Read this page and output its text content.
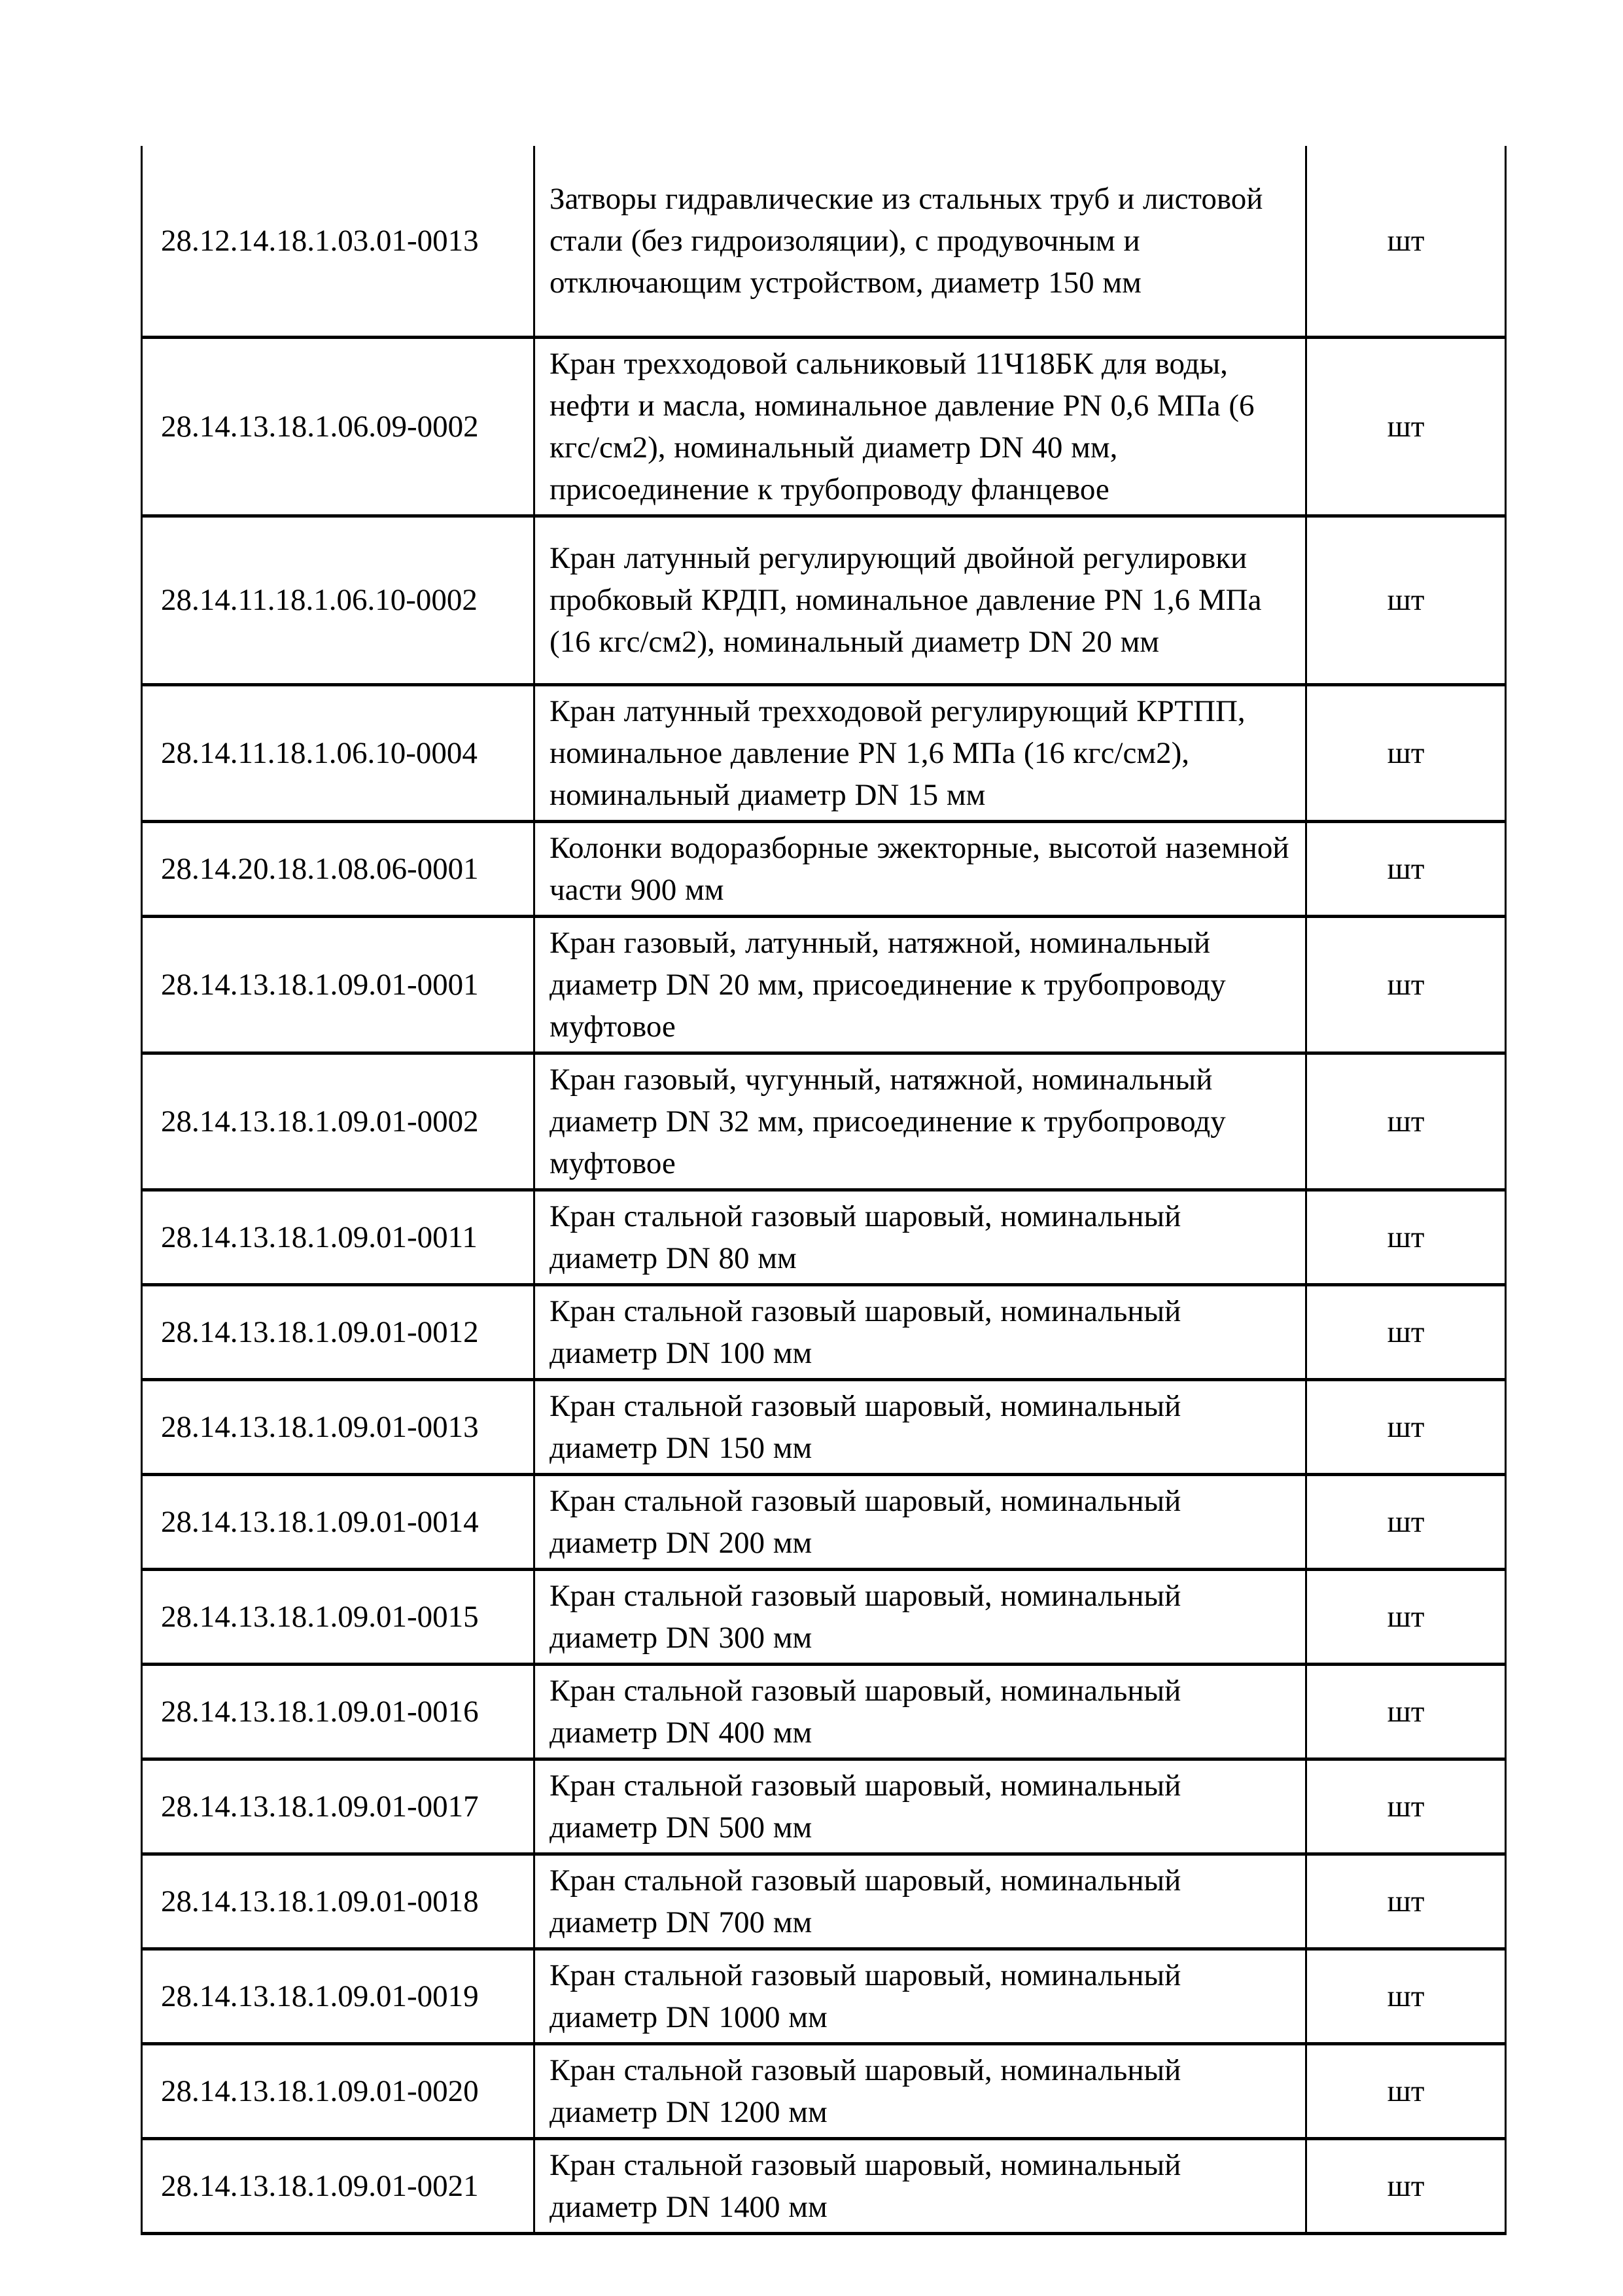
28.12.14.18.1.03.01-0013	Затворы гидравлические из стальных труб и листовой стали (без гидроизоляции), с продувочным и отключающим устройством, диаметр 150 мм	шт
28.14.13.18.1.06.09-0002	Кран трехходовой сальниковый 11Ч18БК для воды, нефти и масла, номинальное давление PN 0,6 МПа (6 кгс/см2), номинальный диаметр DN 40 мм, присоединение к трубопроводу фланцевое	шт
28.14.11.18.1.06.10-0002	Кран латунный регулирующий двойной регулировки пробковый КРДП, номинальное давление PN 1,6 МПа (16 кгс/см2), номинальный диаметр DN 20 мм	шт
28.14.11.18.1.06.10-0004	Кран латунный трехходовой регулирующий КРТПП, номинальное давление PN 1,6 МПа (16 кгс/см2), номинальный диаметр DN 15 мм	шт
28.14.20.18.1.08.06-0001	Колонки водоразборные эжекторные, высотой наземной части 900 мм	шт
28.14.13.18.1.09.01-0001	Кран газовый, латунный, натяжной, номинальный диаметр DN 20 мм, присоединение к трубопроводу муфтовое	шт
28.14.13.18.1.09.01-0002	Кран газовый, чугунный, натяжной, номинальный диаметр DN 32 мм, присоединение к трубопроводу муфтовое	шт
28.14.13.18.1.09.01-0011	Кран стальной газовый шаровый, номинальный диаметр DN 80 мм	шт
28.14.13.18.1.09.01-0012	Кран стальной газовый шаровый, номинальный диаметр DN 100 мм	шт
28.14.13.18.1.09.01-0013	Кран стальной газовый шаровый, номинальный диаметр DN 150 мм	шт
28.14.13.18.1.09.01-0014	Кран стальной газовый шаровый, номинальный диаметр DN 200 мм	шт
28.14.13.18.1.09.01-0015	Кран стальной газовый шаровый, номинальный диаметр DN 300 мм	шт
28.14.13.18.1.09.01-0016	Кран стальной газовый шаровый, номинальный диаметр DN 400 мм	шт
28.14.13.18.1.09.01-0017	Кран стальной газовый шаровый, номинальный диаметр DN 500 мм	шт
28.14.13.18.1.09.01-0018	Кран стальной газовый шаровый, номинальный диаметр DN 700 мм	шт
28.14.13.18.1.09.01-0019	Кран стальной газовый шаровый, номинальный диаметр DN 1000 мм	шт
28.14.13.18.1.09.01-0020	Кран стальной газовый шаровый, номинальный диаметр DN 1200 мм	шт
28.14.13.18.1.09.01-0021	Кран стальной газовый шаровый, номинальный диаметр DN 1400 мм	шт
